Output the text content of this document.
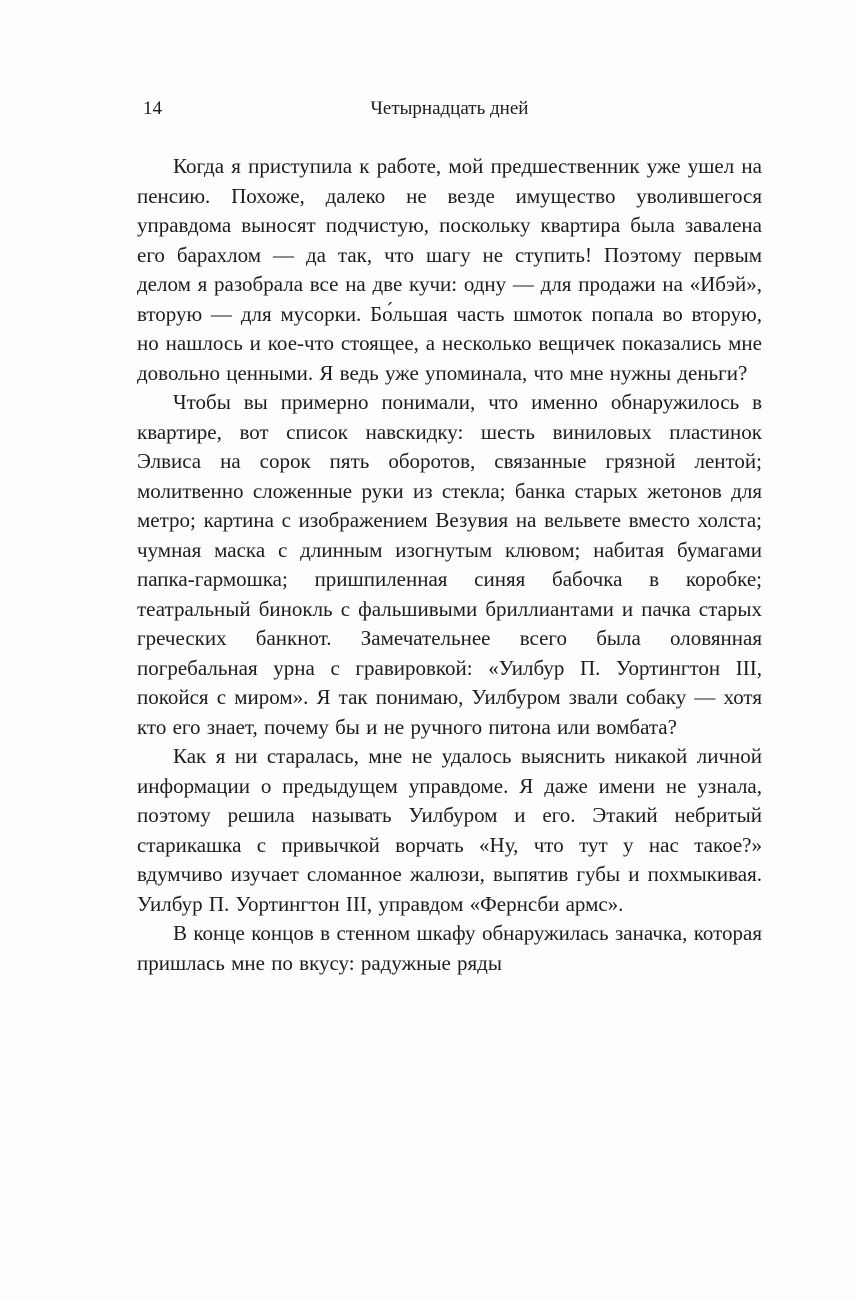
14	Четырнадцать дней

Когда я приступила к работе, мой предшественник уже ушел на пенсию. Похоже, далеко не везде имущество уволившегося управдома выносят подчистую, поскольку квартира была завалена его барахлом — да так, что шагу не ступить! Поэтому первым делом я разобрала все на две кучи: одну — для продажи на «Ибэй», вторую — для мусорки. Бо́льшая часть шмоток попала во вторую, но нашлось и кое-что стоящее, а несколько вещичек показались мне довольно ценными. Я ведь уже упоминала, что мне нужны деньги?

Чтобы вы примерно понимали, что именно обнаружилось в квартире, вот список навскидку: шесть виниловых пластинок Элвиса на сорок пять оборотов, связанные грязной лентой; молитвенно сложенные руки из стекла; банка старых жетонов для метро; картина с изображением Везувия на вельвете вместо холста; чумная маска с длинным изогнутым клювом; набитая бумагами папка-гармошка; пришпиленная синяя бабочка в коробке; театральный бинокль с фальшивыми бриллиантами и пачка старых греческих банкнот. Замечательнее всего была оловянная погребальная урна с гравировкой: «Уилбур П. Уортингтон III, покойся с миром». Я так понимаю, Уилбуром звали собаку — хотя кто его знает, почему бы и не ручного питона или вомбата?

Как я ни старалась, мне не удалось выяснить никакой личной информации о предыдущем управдоме. Я даже имени не узнала, поэтому решила называть Уилбуром и его. Этакий небритый старикашка с привычкой ворчать «Ну, что тут у нас такое?» вдумчиво изучает сломанное жалюзи, выпятив губы и похмыкивая. Уилбур П. Уортингтон III, управдом «Фернсби армс».

В конце концов в стенном шкафу обнаружилась заначка, которая пришлась мне по вкусу: радужные ряды
